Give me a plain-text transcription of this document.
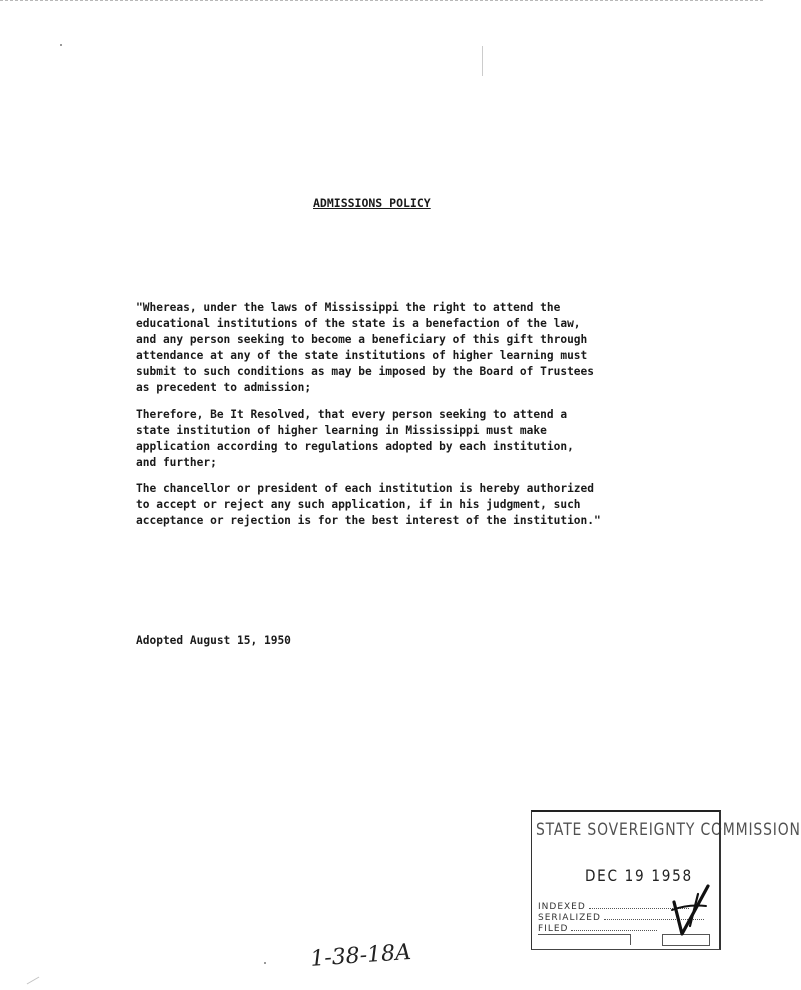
ADMISSIONS POLICY
"Whereas, under the laws of Mississippi the right to attend the
educational institutions of the state is a benefaction of the law,
and any person seeking to become a beneficiary of this gift through
attendance at any of the state institutions of higher learning must
submit to such conditions as may be imposed by the Board of Trustees
as precedent to admission;
Therefore, Be It Resolved, that every person seeking to attend a
state institution of higher learning in Mississippi must make
application according to regulations adopted by each institution,
and further;
The chancellor or president of each institution is hereby authorized
to accept or reject any such application, if in his judgment, such
acceptance or rejection is for the best interest of the institution."
Adopted August 15, 1950
STATE SOVEREIGNTY COMMISSION
DEC 19 1958
INDEXED
SERIALIZED
FILED
1-38-18A
